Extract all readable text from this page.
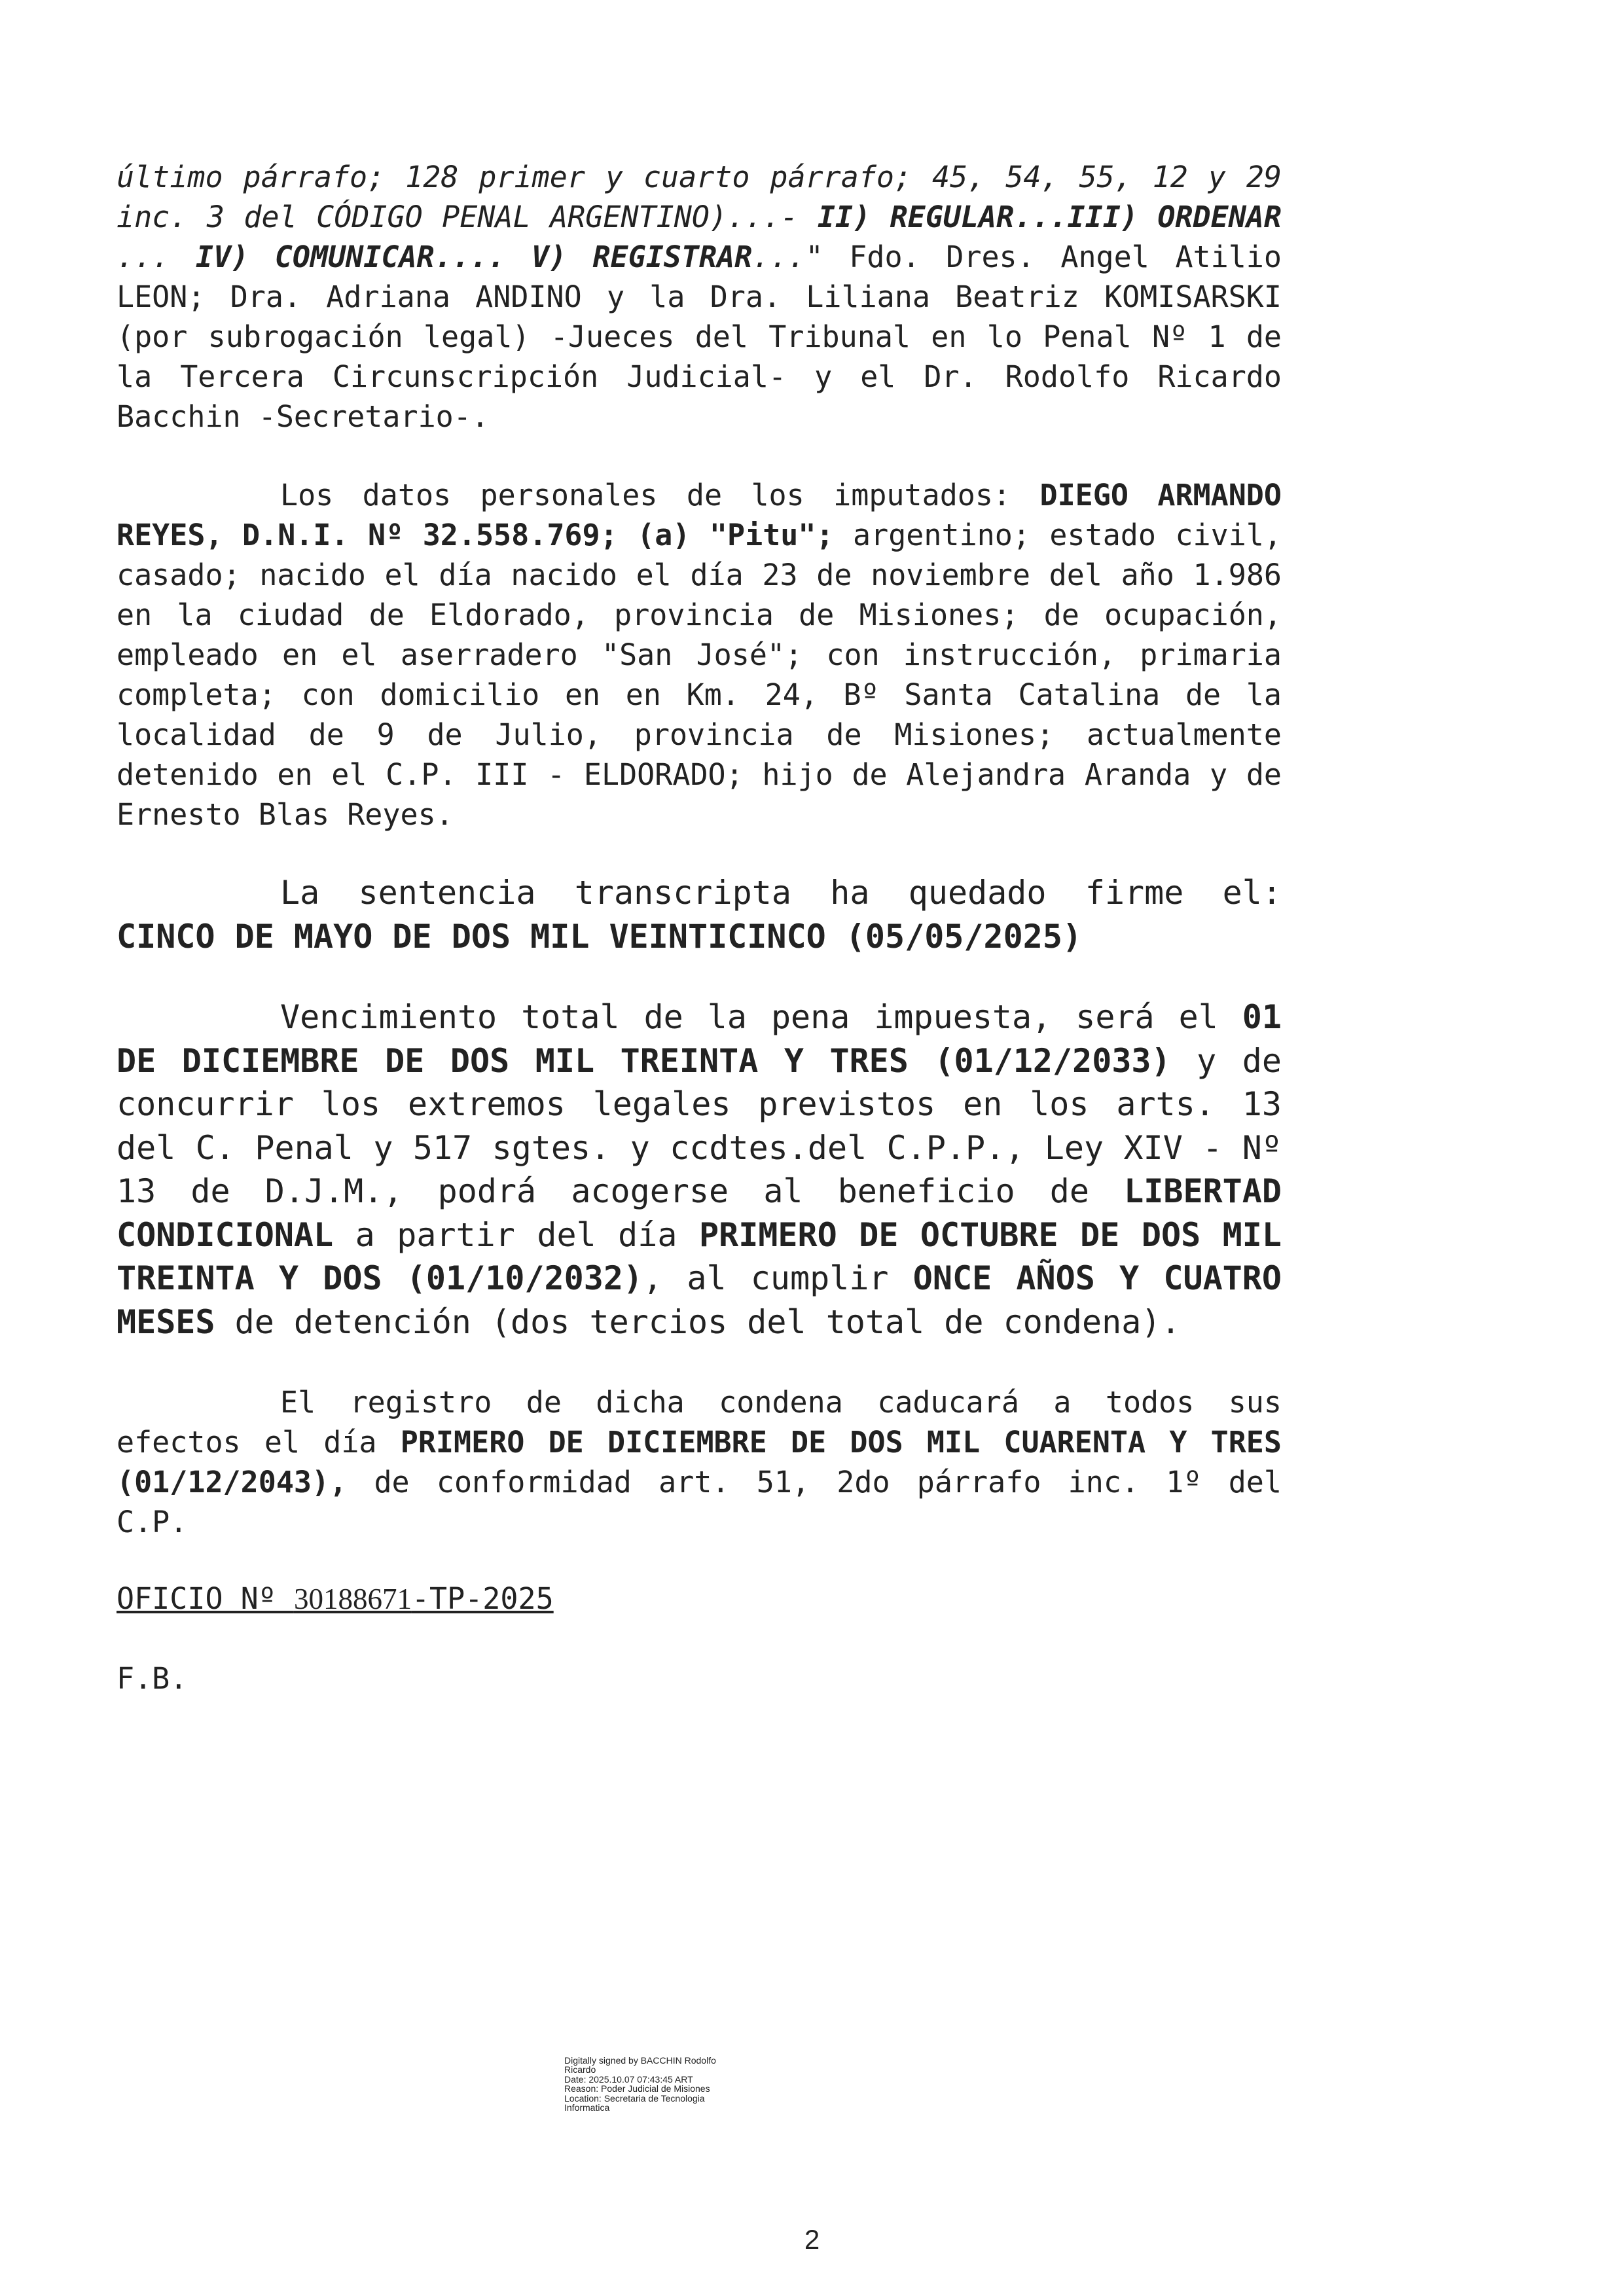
último párrafo; 128 primer y cuarto párrafo; 45, 54, 55, 12 y 29 inc. 3 del CÓDIGO PENAL ARGENTINO)...- II) REGULAR...III) ORDENAR ... IV) COMUNICAR.... V) REGISTRAR..." Fdo. Dres. Angel Atilio LEON; Dra. Adriana ANDINO y la Dra. Liliana Beatriz KOMISARSKI (por subrogación legal) -Jueces del Tribunal en lo Penal Nº 1 de la Tercera Circunscripción Judicial- y el Dr. Rodolfo Ricardo Bacchin -Secretario-.
Los datos personales de los imputados: DIEGO ARMANDO REYES, D.N.I. Nº 32.558.769; (a) "Pitu"; argentino; estado civil, casado; nacido el día nacido el día 23 de noviembre del año 1.986 en la ciudad de Eldorado, provincia de Misiones; de ocupación, empleado en el aserradero "San José"; con instrucción, primaria completa; con domicilio en en Km. 24, Bº Santa Catalina de la localidad de 9 de Julio, provincia de Misiones; actualmente detenido en el C.P. III - ELDORADO; hijo de Alejandra Aranda y de Ernesto Blas Reyes.
La sentencia transcripta ha quedado firme el: CINCO DE MAYO DE DOS MIL VEINTICINCO (05/05/2025)
Vencimiento total de la pena impuesta, será el 01 DE DICIEMBRE DE DOS MIL TREINTA Y TRES (01/12/2033) y de concurrir los extremos legales previstos en los arts. 13 del C. Penal y 517 sgtes. y ccdtes.del C.P.P., Ley XIV - Nº 13 de D.J.M., podrá acogerse al beneficio de LIBERTAD CONDICIONAL a partir del día PRIMERO DE OCTUBRE DE DOS MIL TREINTA Y DOS (01/10/2032), al cumplir ONCE AÑOS Y CUATRO MESES de detención (dos tercios del total de condena).
El registro de dicha condena caducará a todos sus efectos el día PRIMERO DE DICIEMBRE DE DOS MIL CUARENTA Y TRES (01/12/2043), de conformidad art. 51, 2do párrafo inc. 1º del C.P.
OFICIO Nº 30188671-TP-2025
F.B.
Digitally signed by BACCHIN Rodolfo
Ricardo
Date: 2025.10.07 07:43:45 ART
Reason: Poder Judicial de Misiones
Location: Secretaria de Tecnologia
Informatica
2
